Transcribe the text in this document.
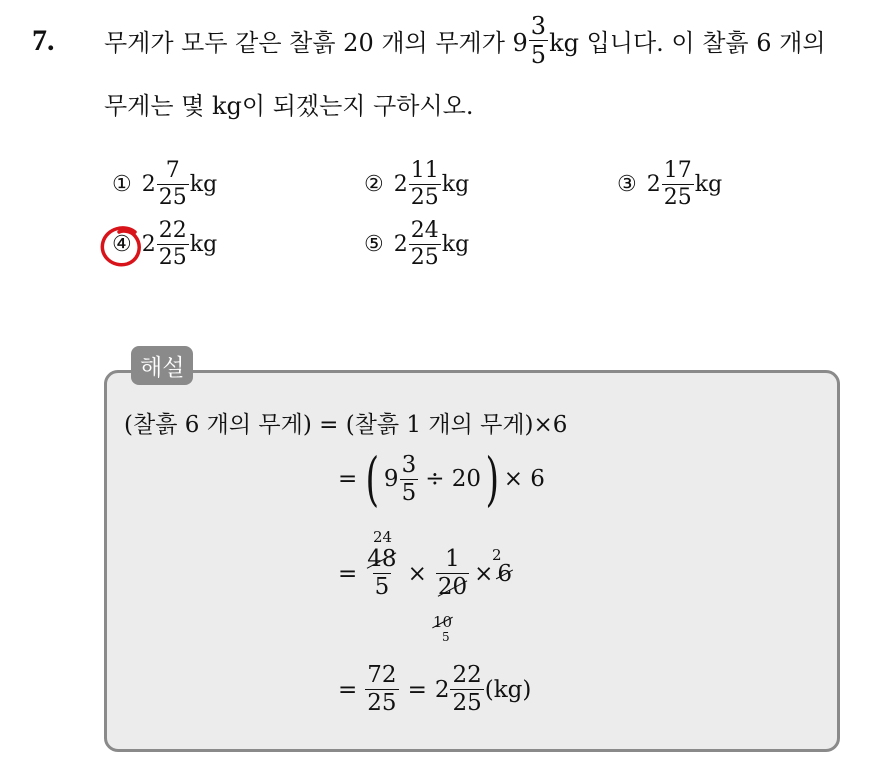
7. 무게가 모두 같은 찰흙 20 개의 무게가 $9 \frac{3}{5}$ kg 입니다. 이 찰흙 6 개의
무게는 몇 kg이 되겠는지 구하시오.
① $2 \frac{7}{25}$ kg	② $2 \frac{11}{25}$ kg	③ $2 \frac{17}{25}$ kg
④ $2 \frac{22}{25}$ kg	⑤ $2 \frac{24}{25}$ kg
해설
(찰흙 6 개의 무게) = (찰흙 1 개의 무게)×6
= ( $9 \frac{3}{5} \div 20$ ) × 6
= $\frac{48}{5} \times \frac{1}{20} \times 6$
24
2
10
5
= $\frac{72}{25} = 2 \frac{22}{25} (kg)$
